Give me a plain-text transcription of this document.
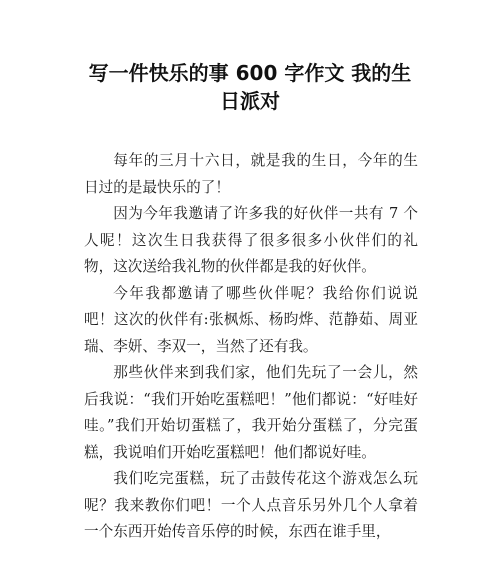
写一件快乐的事 600 字作文 我的生日派对

每年的三月十六日，就是我的生日，今年的生日过的是最快乐的了！

因为今年我邀请了许多我的好伙伴一共有 7 个人呢！这次生日我获得了很多很多小伙伴们的礼物，这次送给我礼物的伙伴都是我的好伙伴。

今年我都邀请了哪些伙伴呢？我给你们说说吧！这次的伙伴有:张枫烁、杨昀烨、范静茹、周亚瑞、李妍、李双一，当然了还有我。

那些伙伴来到我们家，他们先玩了一会儿，然后我说：“我们开始吃蛋糕吧！”他们都说：“好哇好哇。”我们开始切蛋糕了，我开始分蛋糕了，分完蛋糕，我说咱们开始吃蛋糕吧！他们都说好哇。

我们吃完蛋糕，玩了击鼓传花这个游戏怎么玩呢？我来教你们吧！一个人点音乐另外几个人拿着一个东西开始传音乐停的时候，东西在谁手里，
